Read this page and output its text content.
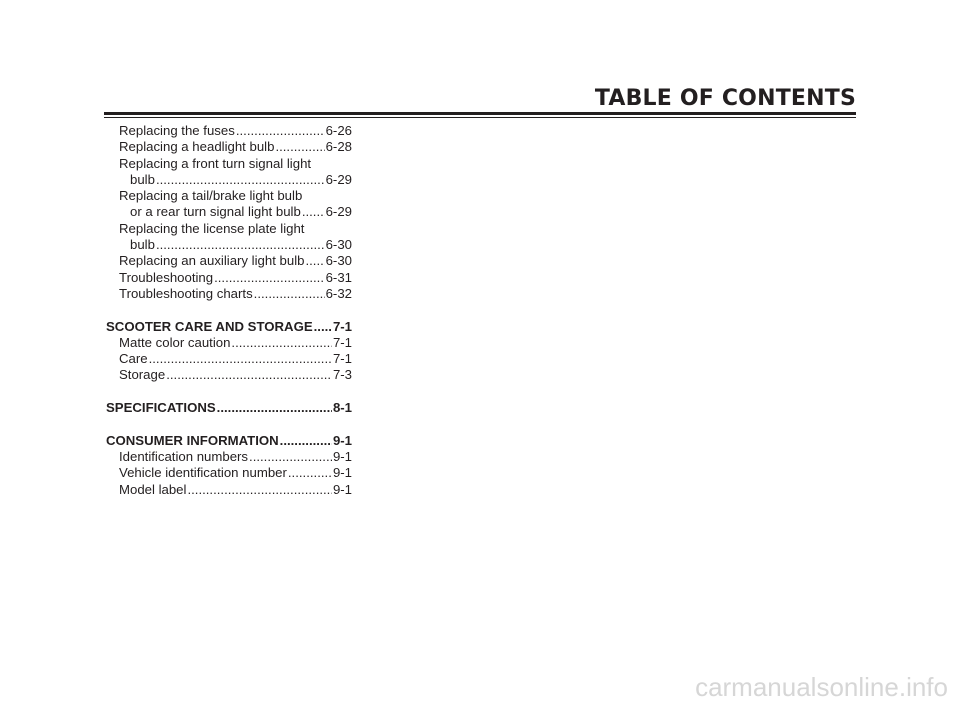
TABLE OF CONTENTS
Replacing the fuses .....	6-26
Replacing a headlight bulb .....	6-28
Replacing a front turn signal light
bulb .....	6-29
Replacing a tail/brake light bulb
or a rear turn signal light bulb ..... 6-29
Replacing the license plate light
bulb .....	6-30
Replacing an auxiliary light bulb ..... 6-30
Troubleshooting .....	6-31
Troubleshooting charts .....	6-32
SCOOTER CARE AND STORAGE ..... 7-1
Matte color caution .....	7-1
Care .....	7-1
Storage .....	7-3
SPECIFICATIONS .....	8-1
CONSUMER INFORMATION .....	9-1
Identification numbers .....	9-1
Vehicle identification number .....	9-1
Model label .....	9-1
carmanualsonline.info
